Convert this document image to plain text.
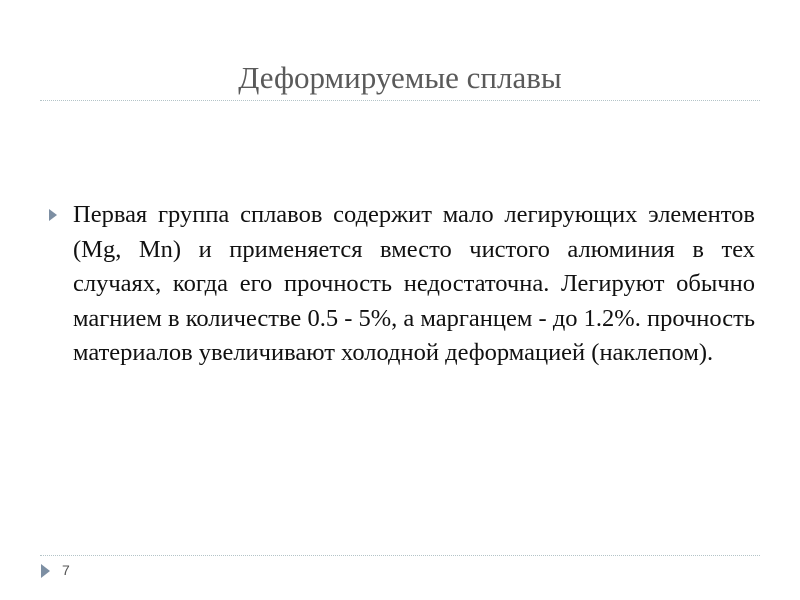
Деформируемые сплавы

Первая группа сплавов содержит мало легирующих элементов (Mg, Mn) и применяется вместо чистого алюминия в тех случаях, когда его прочность недостаточна. Легируют обычно магнием в количестве 0.5 - 5%, а марганцем - до 1.2%. прочность материалов увеличивают холодной деформацией (наклепом).

7
